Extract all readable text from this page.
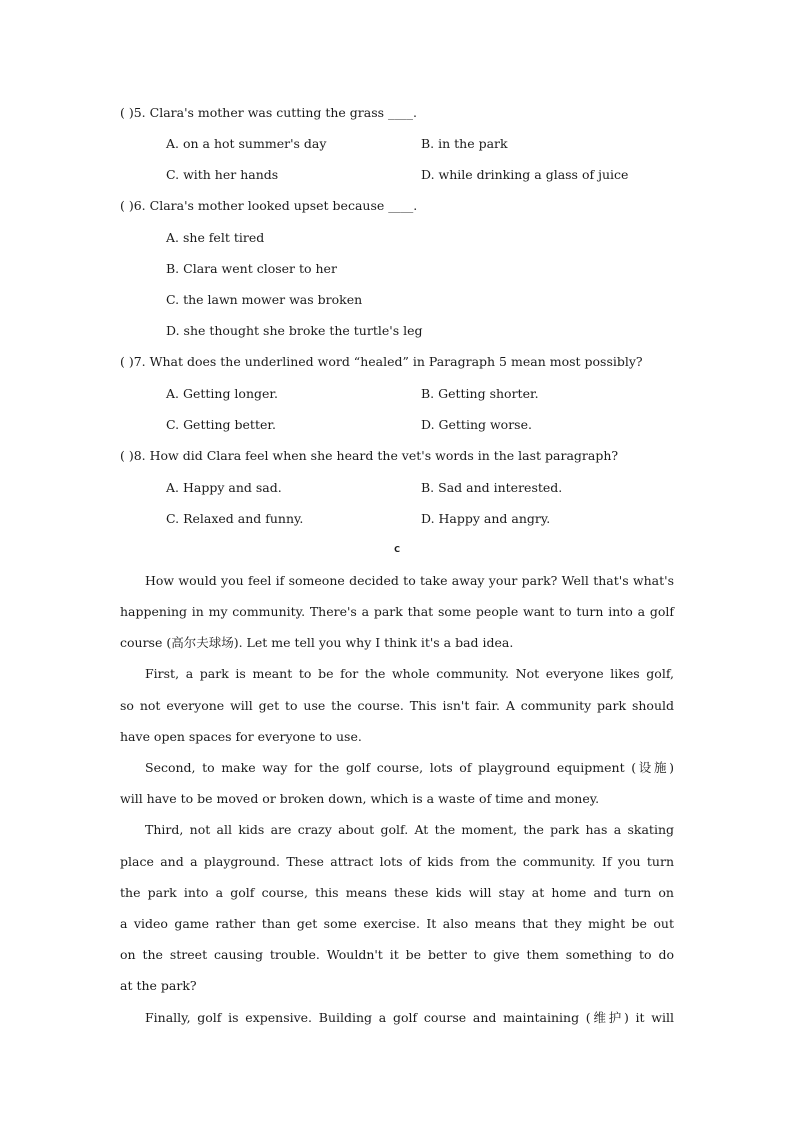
( )5. Clara's mother was cutting the grass ____.
A. on a hot summer's day	B. in the park
C. with her hands	D. while drinking a glass of juice
( )6. Clara's mother looked upset because ____.
A. she felt tired
B. Clara went closer to her
C. the lawn mower was broken
D. she thought she broke the turtle's leg
( )7. What does the underlined word “healed” in Paragraph 5 mean most possibly?
A. Getting longer.	B. Getting shorter.
C. Getting better.	D. Getting worse.
( )8. How did Clara feel when she heard the vet's words in the last paragraph?
A. Happy and sad.	B. Sad and interested.
C. Relaxed and funny.	D. Happy and angry.
C
How would you feel if someone decided to take away your park? Well that's what's
happening in my community. There's a park that some people want to turn into a golf
course (高尔夫球场). Let me tell you why I think it's a bad idea.
First, a park is meant to be for the whole community. Not everyone likes golf,
so not everyone will get to use the course. This isn't fair. A community park should
have open spaces for everyone to use.
Second, to make way for the golf course, lots of playground equipment (设施)
will have to be moved or broken down, which is a waste of time and money.
Third, not all kids are crazy about golf. At the moment, the park has a skating
place and a playground. These attract lots of kids from the community. If you turn
the park into a golf course, this means these kids will stay at home and turn on
a video game rather than get some exercise. It also means that they might be out
on the street causing trouble. Wouldn't it be better to give them something to do
at the park?
Finally, golf is expensive. Building a golf course and maintaining (维护) it will
